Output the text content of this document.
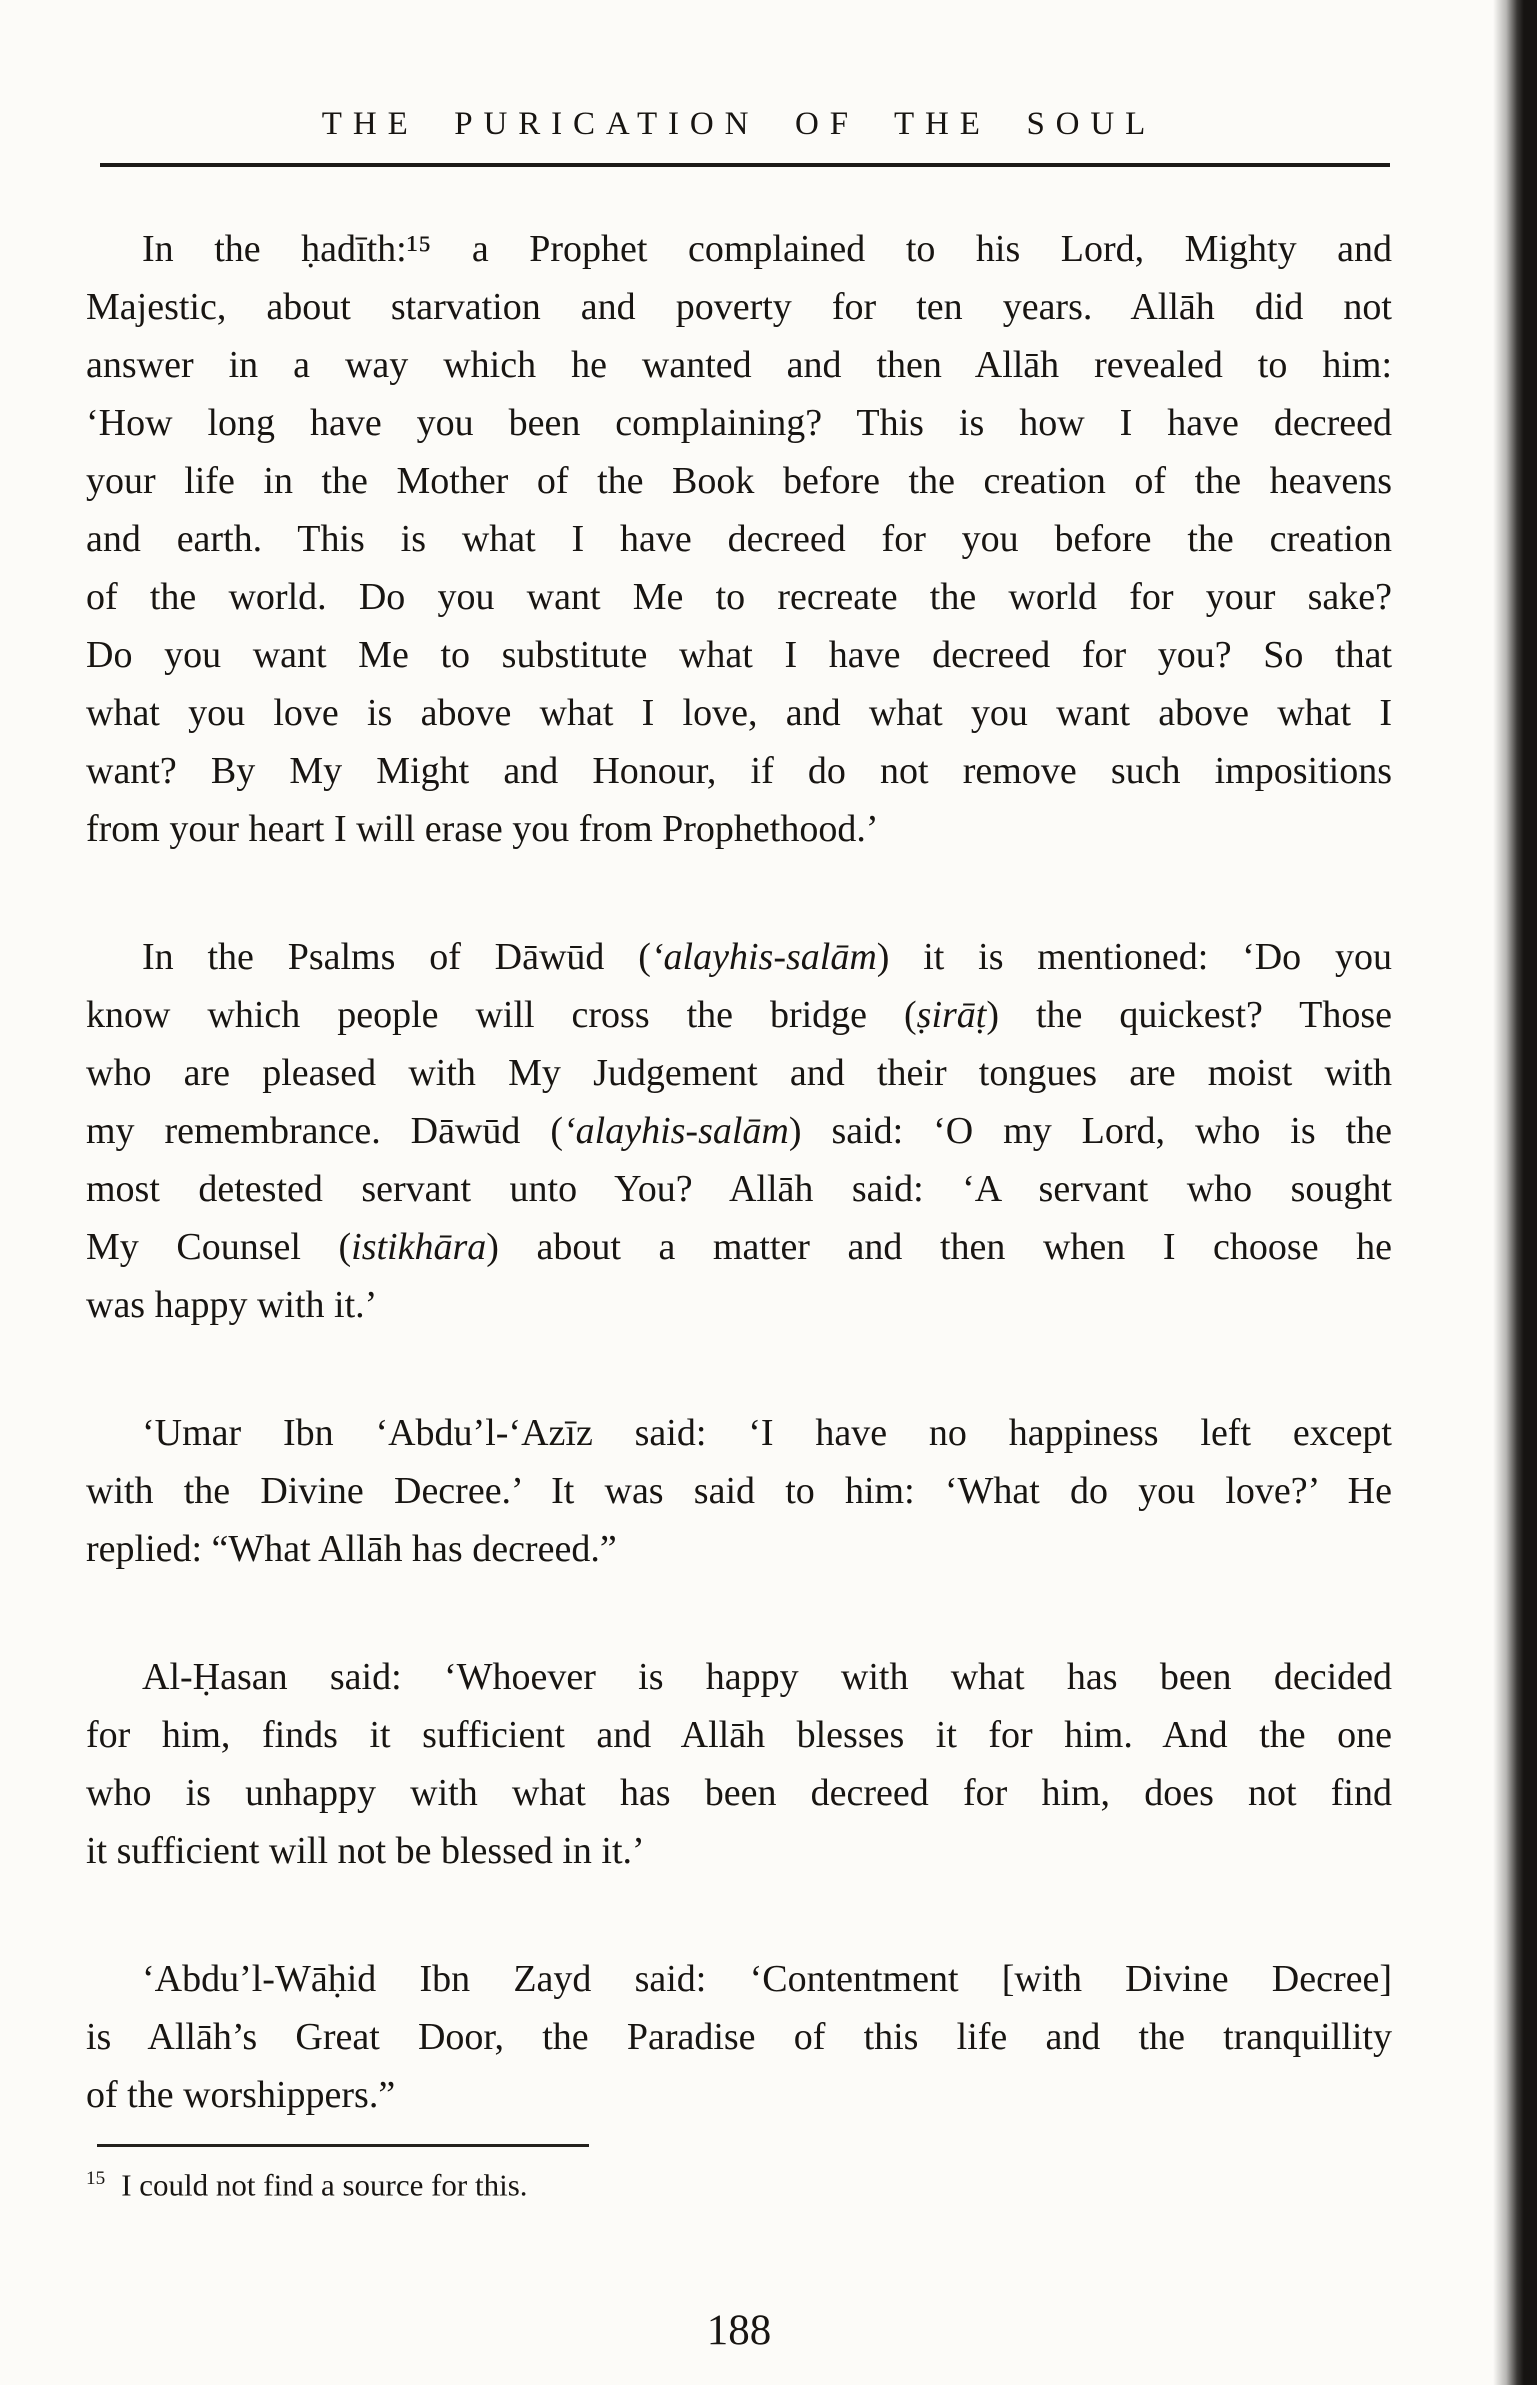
THE PURICATION OF THE SOUL
In the ḥadīth:¹⁵ a Prophet complained to his Lord, Mighty and
Majestic, about starvation and poverty for ten years. Allāh did not
answer in a way which he wanted and then Allāh revealed to him:
‘How long have you been complaining? This is how I have decreed
your life in the Mother of the Book before the creation of the heavens
and earth. This is what I have decreed for you before the creation
of the world. Do you want Me to recreate the world for your sake?
Do you want Me to substitute what I have decreed for you? So that
what you love is above what I love, and what you want above what I
want? By My Might and Honour, if do not remove such impositions
from your heart I will erase you from Prophethood.’
In the Psalms of Dāwūd (‘alayhis-salām) it is mentioned: ‘Do you
know which people will cross the bridge (ṣirāṭ) the quickest? Those
who are pleased with My Judgement and their tongues are moist with
my remembrance. Dāwūd (‘alayhis-salām) said: ‘O my Lord, who is the
most detested servant unto You? Allāh said: ‘A servant who sought
My Counsel (istikhāra) about a matter and then when I choose he
was happy with it.’
‘Umar Ibn ‘Abdu’l-‘Azīz said: ‘I have no happiness left except
with the Divine Decree.’ It was said to him: ‘What do you love?’ He
replied: “What Allāh has decreed.”
Al-Ḥasan said: ‘Whoever is happy with what has been decided
for him, finds it sufficient and Allāh blesses it for him. And the one
who is unhappy with what has been decreed for him, does not find
it sufficient will not be blessed in it.’
‘Abdu’l-Wāḥid Ibn Zayd said: ‘Contentment [with Divine Decree]
is Allāh’s Great Door, the Paradise of this life and the tranquillity
of the worshippers.”
$^{15}$ I could not find a source for this.
188
